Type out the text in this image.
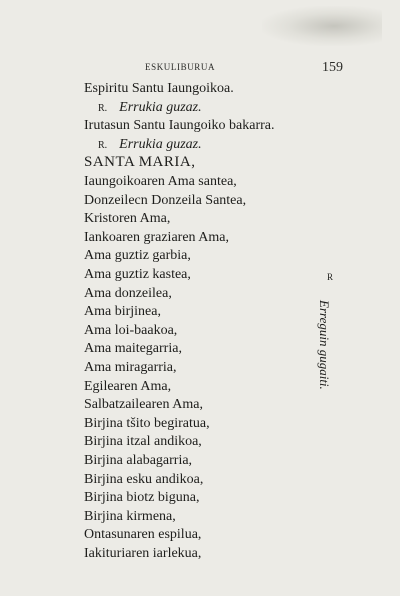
ESKULIBURUA	159
Espiritu Santu Iaungoikoa.
R. Errukia guzaz.
Irutasun Santu Iaungoiko bakarra.
R. Errukia guzaz.
SANTA MARIA,
Iaungoikoaren Ama santea,
Donzeilecn Donzeila Santea,
Kristoren Ama,
Iankoaren graziaren Ama,
Ama guztiz garbia,
Ama guztiz kastea,
Ama donzeilea,
Ama birjinea,
Ama loi-baakoa,
Ama maitegarria,
Ama miragarria,
Egilearen Ama,
Salbatzailearen Ama,
Birjina tšito begiratua,
Birjina itzal andikoa,
Birjina alabagarria,
Birjina esku andikoa,
Birjina biotz biguna,
Birjina kirmena,
Ontasunaren espilua,
Iakituriaren iarlekua,
R
Erreguin gugaiti.
